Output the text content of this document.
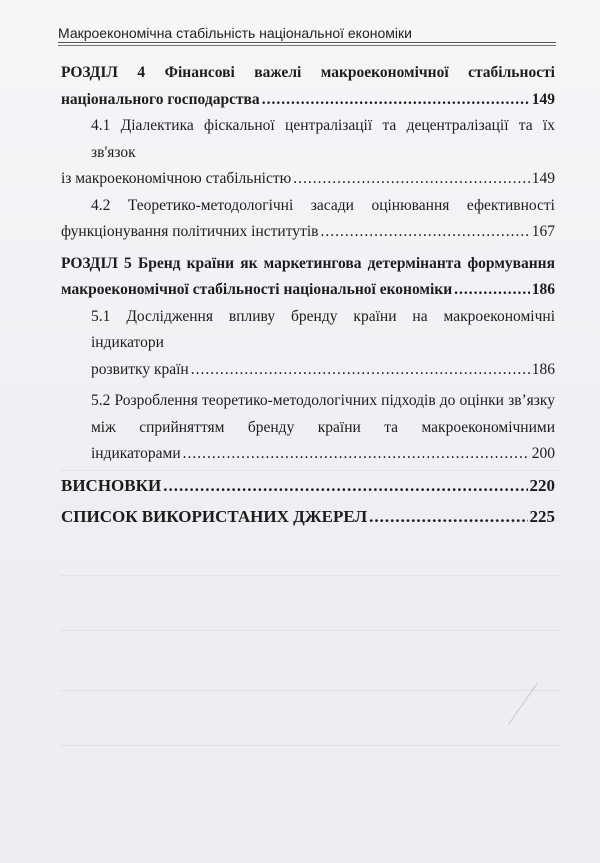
Макроекономічна стабільність національної економіки
РОЗДІЛ 4 Фінансові важелі макроекономічної стабільності
національного господарства .....	149
4.1 Діалектика фіскальної централізації та децентралізації та їх зв'язок
із макроекономічною стабільністю .....	149
4.2 Теоретико-методологічні засади оцінювання ефективності
функціонування політичних інститутів .....	167
РОЗДІЛ 5 Бренд країни як маркетингова детермінанта формування
макроекономічної стабільності національної економіки .....	186
5.1 Дослідження впливу бренду країни на макроекономічні індикатори
розвитку країн .....	186
5.2 Розроблення теоретико-методологічних підходів до оцінки зв’язку
між сприйняттям бренду країни та макроекономічними
індикаторами .....	200
ВИСНОВКИ .....	220
СПИСОК ВИКОРИСТАНИХ ДЖЕРЕЛ .....	225
